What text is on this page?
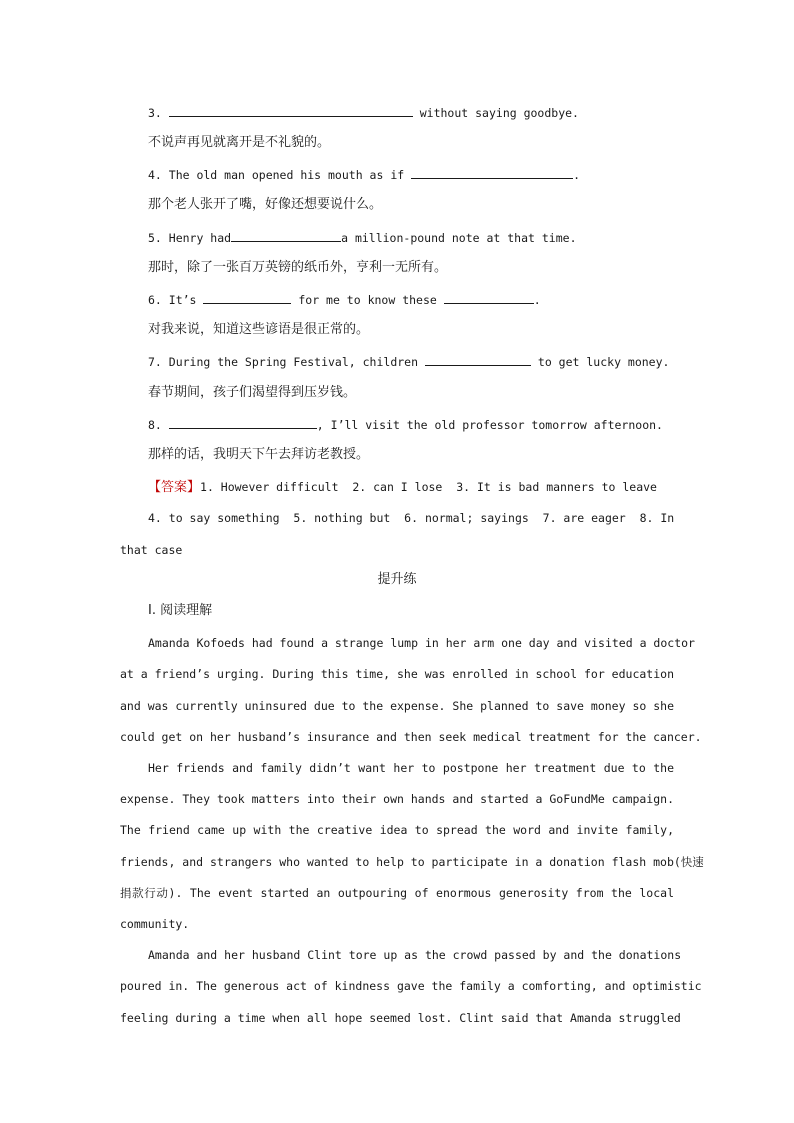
3.	without saying goodbye.
不说声再见就离开是不礼貌的。
4. The old man opened his mouth as if	.
那个老人张开了嘴，好像还想要说什么。
5. Henry had	a million-pound note at that time.
那时，除了一张百万英镑的纸币外，亨利一无所有。
6. It’s	for me to know these	.
对我来说，知道这些谚语是很正常的。
7. During the Spring Festival, children	to get lucky money.
春节期间，孩子们渴望得到压岁钱。
8.	, I’ll visit the old professor tomorrow afternoon.
那样的话，我明天下午去拜访老教授。
【答案】1. However difficult  2. can I lose  3. It is bad manners to leave
4. to say something  5. nothing but  6. normal; sayings  7. are eager  8. In
that case
提升练
Ⅰ. 阅读理解
Amanda Kofoeds had found a strange lump in her arm one day and visited a doctor
at a friend’s urging. During this time, she was enrolled in school for education
and was currently uninsured due to the expense. She planned to save money so she
could get on her husband’s insurance and then seek medical treatment for the cancer.
Her friends and family didn’t want her to postpone her treatment due to the
expense. They took matters into their own hands and started a GoFundMe campaign.
The friend came up with the creative idea to spread the word and invite family,
friends, and strangers who wanted to help to participate in a donation flash mob(快速
捐款行动). The event started an outpouring of enormous generosity from the local
community.
Amanda and her husband Clint tore up as the crowd passed by and the donations
poured in. The generous act of kindness gave the family a comforting, and optimistic
feeling during a time when all hope seemed lost. Clint said that Amanda struggled
